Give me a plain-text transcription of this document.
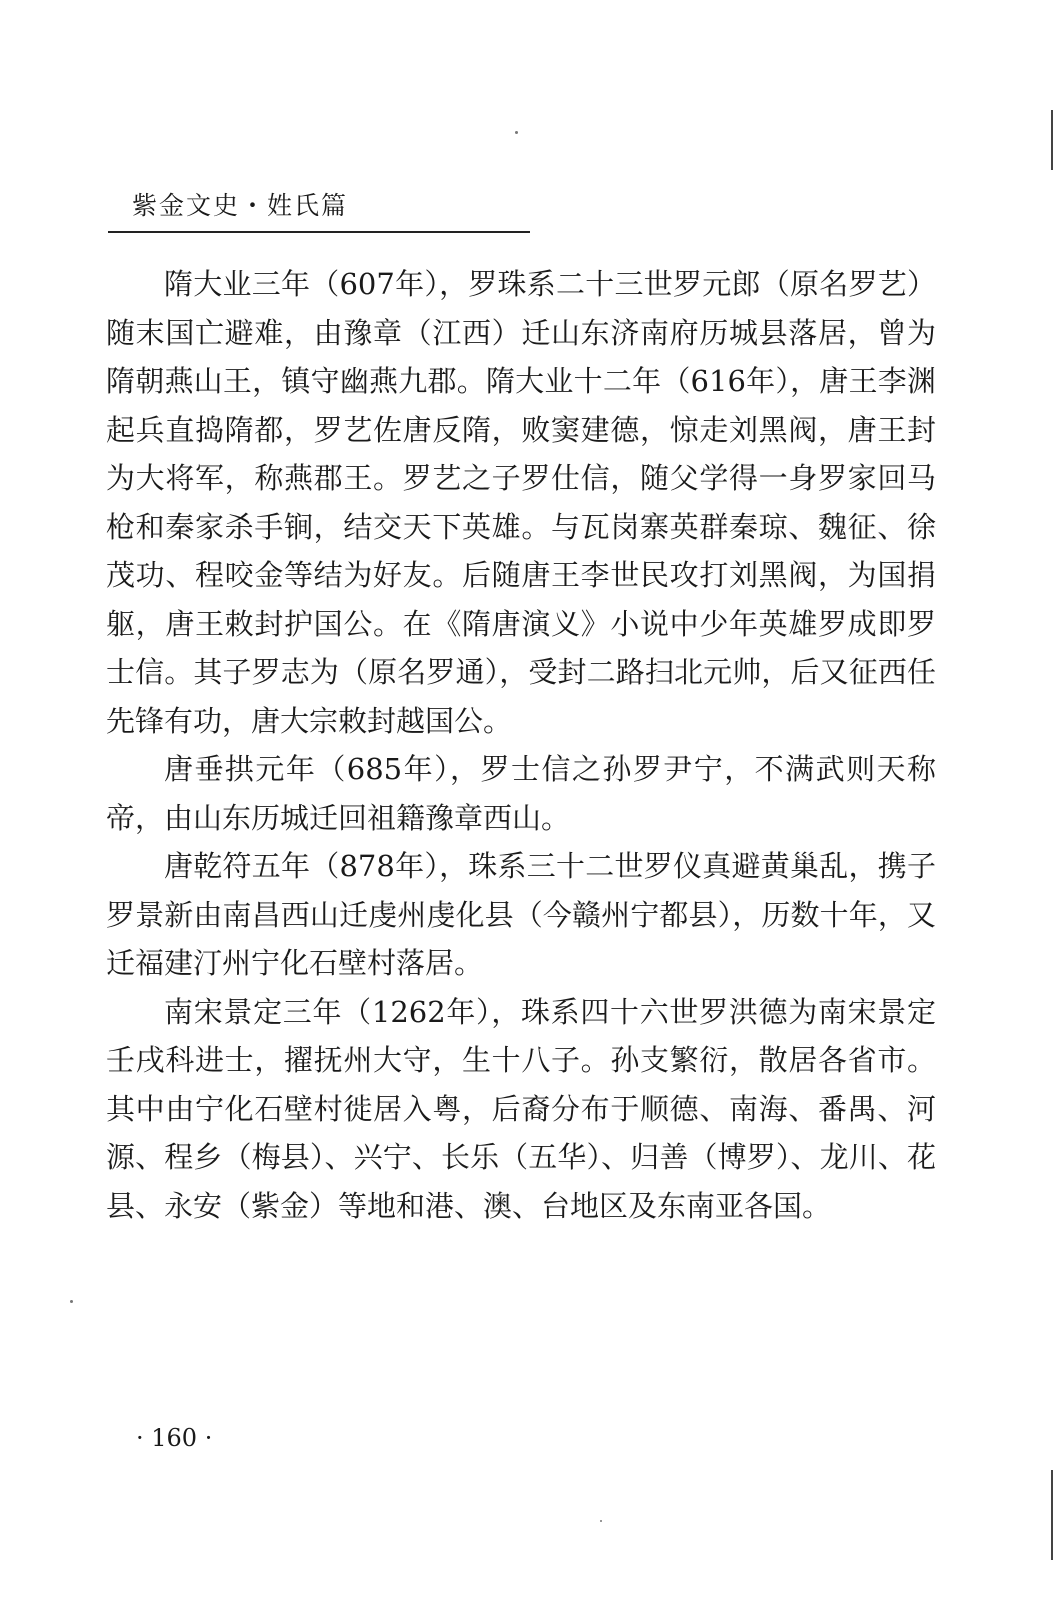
紫金文史・姓氏篇

隋大业三年（607年），罗珠系二十三世罗元郎（原名罗艺）随末国亡避难，由豫章（江西）迁山东济南府历城县落居，曾为隋朝燕山王，镇守幽燕九郡。隋大业十二年（616年），唐王李渊起兵直捣隋都，罗艺佐唐反隋，败窦建德，惊走刘黑阀，唐王封为大将军，称燕郡王。罗艺之子罗仕信，随父学得一身罗家回马枪和秦家杀手锏，结交天下英雄。与瓦岗寨英群秦琼、魏征、徐茂功、程咬金等结为好友。后随唐王李世民攻打刘黑阀，为国捐躯，唐王敕封护国公。在《隋唐演义》小说中少年英雄罗成即罗士信。其子罗志为（原名罗通），受封二路扫北元帅，后又征西任先锋有功，唐大宗敕封越国公。

唐垂拱元年（685年），罗士信之孙罗尹宁，不满武则天称帝，由山东历城迁回祖籍豫章西山。

唐乾符五年（878年），珠系三十二世罗仪真避黄巢乱，携子罗景新由南昌西山迁虔州虔化县（今赣州宁都县），历数十年，又迁福建汀州宁化石壁村落居。

南宋景定三年（1262年），珠系四十六世罗洪德为南宋景定壬戌科进士，擢抚州大守，生十八子。孙支繁衍，散居各省市。其中由宁化石壁村徙居入粤，后裔分布于顺德、南海、番禺、河源、程乡（梅县）、兴宁、长乐（五华）、归善（博罗）、龙川、花县、永安（紫金）等地和港、澳、台地区及东南亚各国。

· 160 ·
